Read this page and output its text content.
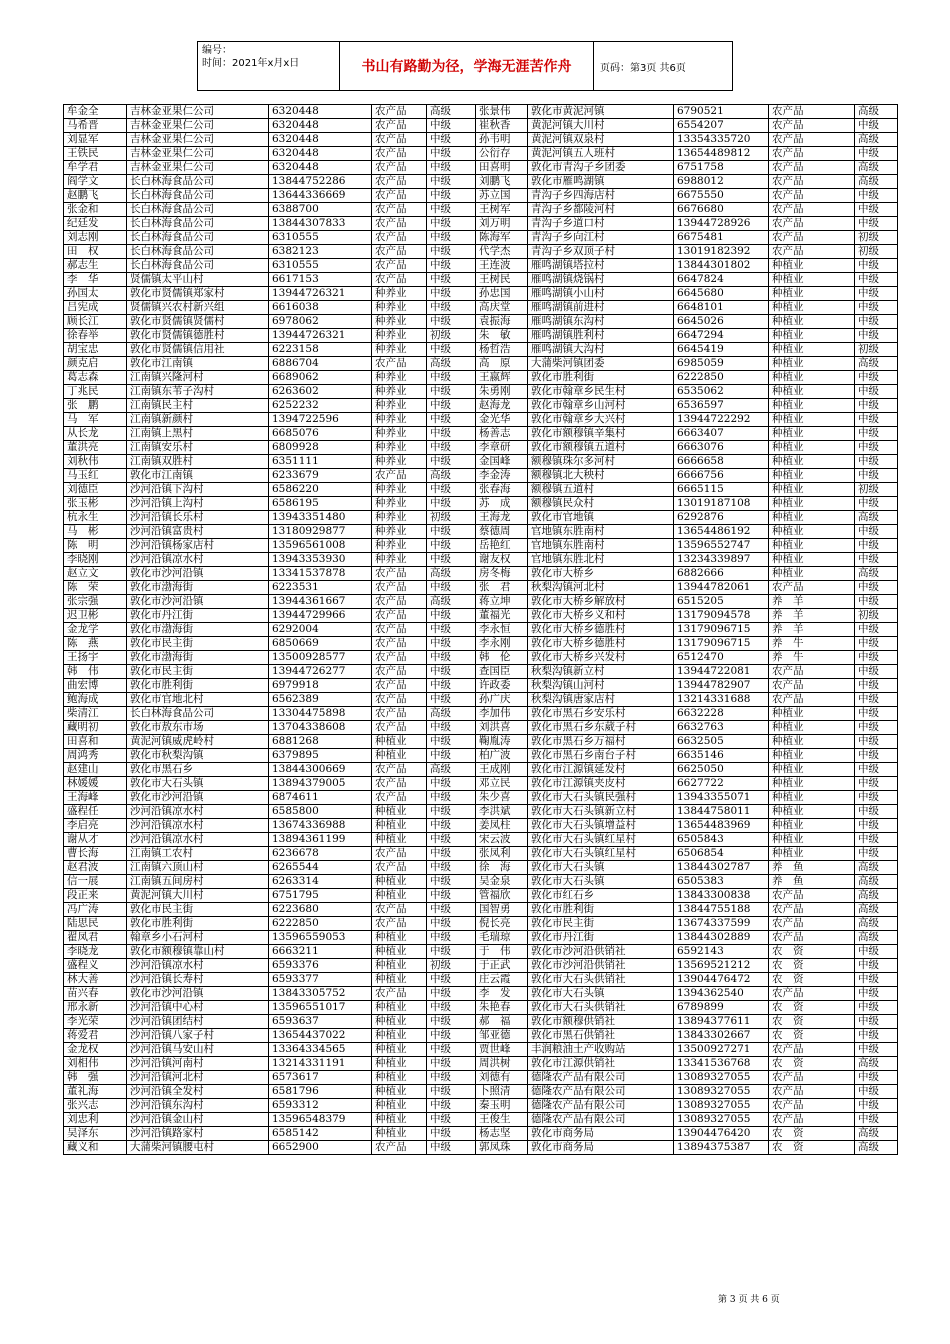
编号：
时间：2021年x月x日	书山有路勤为径，学海无涯苦作舟	页码：第3页 共6页
牟金全	吉林金亚果仁公司	6320448	农产品	高级	张景伟	敦化市黄泥河镇	6790521	农产品	高级
马希晋	吉林金亚果仁公司	6320448	农产品	中级	崔秋香	黄泥河镇大川村	6554207	农产品	中级
刘显军	吉林金亚果仁公司	6320448	农产品	中级	孙韦明	黄泥河镇双泉村	13354335720	农产品	高级
王铁民	吉林金亚果仁公司	6320448	农产品	中级	公衍存	黄泥河镇五人班村	13654489812	农产品	中级
牟学君	吉林金亚果仁公司	6320448	农产品	中级	田喜明	敦化市青沟子乡团委	6751758	农产品	高级
阎学文	长白林海食品公司	13844752286	农产品	中级	刘鹏飞	敦化市雁鸣湖镇	6988012	农产品	高级
赵鹏飞	长白林海食品公司	13644336669	农产品	中级	苏立国	青沟子乡四海店村	6675550	农产品	中级
张金和	长白林海食品公司	6388700	农产品	中级	王树军	青沟子乡都陵河村	6676680	农产品	中级
纪廷发	长白林海食品公司	13844307833	农产品	中级	刘万明	青沟子乡道口村	13944728926	农产品	中级
刘志刚	长白林海食品公司	6310555	农产品	中级	陈海军	青沟子乡向江村	6675481	农产品	初级
田　权	长白林海食品公司	6382123	农产品	中级	代学杰	青沟子乡双顶子村	13019182392	农产品	初级
郝志生	长白林海食品公司	6310555	农产品	中级	王连波	雁鸣湖镇塔拉村	13844301802	种植业	中级
李　华	贤儒镇太平山村	6617153	农产品	中级	王树民	雁鸣湖镇烧锅村	6647824	种植业	中级
孙国太	敦化市贤儒镇郑家村	13944726321	种养业	中级	孙忠国	雁鸣湖镇小山村	6645680	种植业	中级
吕宪成	贤儒镇兴农村新兴组	6616038	种养业	中级	高庆堂	雁鸣湖镇前进村	6648101	种植业	中级
顾长江	敦化市贤儒镇贤儒村	6978062	种养业	中级	袁振海	雁鸣湖镇东沟村	6645026	种植业	中级
徐春举	敦化市贤儒镇德胜村	13944726321	种养业	初级	朱　敏	雁鸣湖镇胜利村	6647294	种植业	中级
胡宝忠	敦化市贤儒镇信用社	6223158	种养业	中级	杨哲浩	雁鸣湖镇大沟村	6645419	种植业	初级
颜克启	敦化市江南镇	6886704	农产品	高级	高　原	大蒲柴河镇团委	6985059	种植业	高级
葛志森	江南镇兴隆河村	6689062	种养业	中级	王嬴辉	敦化市胜利街	6222850	种植业	中级
丁兆民	江南镇东苇子沟村	6263602	种养业	中级	朱勇刚	敦化市翰章乡民生村	6535062	种植业	中级
张　鹏	江南镇民主村	6252232	种养业	中级	赵海龙	敦化市翰章乡山河村	6536597	种植业	中级
马　军	江南镇新颜村	1394722596	种养业	中级	金光华	敦化市翰章乡大兴村	13944722292	种植业	中级
从长龙	江南镇上黑村	6685076	种养业	中级	杨善志	敦化市额穆镇辛集村	6663407	种植业	中级
董洪亮	江南镇安乐村	6809928	种养业	中级	李章研	敦化市额穆镇五道村	6663076	种植业	中级
刘秋伟	江南镇双胜村	6351111	种养业	中级	金国峰	额穆镇珠尔多河村	6666658	种植业	中级
马玉红	敦化市江南镇	6233679	农产品	高级	李金涛	额穆镇北大秧村	6666756	种植业	中级
刘德臣	沙河沿镇下沟村	6586220	种养业	中级	张春海	额穆镇五道村	6665115	种植业	初级
张玉彬	沙河沿镇上沟村	6586195	种养业	中级	苏　成	额穆镇民众村	13019187108	种植业	中级
杭永生	沙河沿镇长乐村	13943351480	种养业	初级	王海龙	敦化市官地镇	6292876	种植业	高级
马　彬	沙河沿镇富贵村	13180929877	种养业	中级	蔡德周	官地镇东胜南村	13654486192	种植业	中级
陈　明	沙河沿镇杨家店村	13596561008	种养业	中级	岳艳红	官地镇东胜南村	13596552747	种植业	中级
李晓刚	沙河沿镇凉水村	13943353930	种养业	中级	谢友权	官地镇东胜北村	13234339897	种植业	中级
赵立文	敦化市沙河沿镇	13341537878	农产品	高级	房冬梅	敦化市大桥乡	6882666	种植业	高级
陈　荣	敦化市渤海街	6223531	农产品	中级	张　君	秋梨沟镇河北村	13944782061	农产品	中级
张宗强	敦化市沙河沿镇	13944361667	农产品	高级	蒋立坤	敦化市大桥乡解放村	6515205	养　羊	中级
迟卫彬	敦化市丹江街	13944729966	农产品	中级	董福光	敦化市大桥乡义和村	13179094578	养　羊	初级
金龙学	敦化市渤海街	6292004	农产品	中级	李永恒	敦化市大桥乡德胜村	13179096715	养　羊	中级
陈　燕	敦化市民主街	6850669	农产品	中级	李永刚	敦化市大桥乡德胜村	13179096715	养　牛	中级
王扬宇	敦化市渤海街	13500928577	农产品	中级	韩　伦	敦化市大桥乡兴发村	6512470	养　牛	中级
韩　伟	敦化市民主街	13944726277	农产品	中级	查国臣	秋梨沟镇新立村	13944722081	农产品	中级
曲宏博	敦化市胜利街	6979918	农产品	中级	许政委	秋梨沟镇山河村	13944782907	农产品	中级
鲍海成	敦化市官地北村	6562389	农产品	中级	孙广庆	秋梨沟镇唐家店村	13214331688	农产品	中级
柴清江	长白林海食品公司	13304475898	农产品	高级	李加伟	敦化市黑石乡安乐村	6632228	种植业	中级
藏明初	敦化市敖东市场	13704338608	农产品	中级	刘洪喜	敦化市黑石乡东葳子村	6632763	种植业	中级
田喜和	黄泥河镇威虎岭村	6881268	种植业	中级	鞠胤涛	敦化市黑石乡万福村	6632505	种植业	中级
周鸿秀	敦化市秋梨沟镇	6379895	种植业	中级	柏广波	敦化市黑石乡南台子村	6635146	种植业	中级
赵建山	敦化市黑石乡	13844300669	农产品	高级	王成刚	敦化市江源镇延发村	6625050	种植业	中级
林媛媛	敦化市大石头镇	13894379005	农产品	中级	邓立民	敦化市江源镇夹皮村	6627722	种植业	中级
王海峰	敦化市沙河沿镇	6874611	农产品	中级	朱少喜	敦化市大石头镇民强村	13943355071	种植业	中级
盛程任	沙河沿镇凉水村	6585800	种植业	中级	李洪斌	敦化市大石头镇新立村	13844758011	种植业	中级
李启亮	沙河沿镇凉水村	13674336988	种植业	中级	姜凤柱	敦化市大石头镇增益村	13654483969	种植业	中级
谢从才	沙河沿镇凉水村	13894361199	种植业	中级	宋云波	敦化市大石头镇红星村	6505843	种植业	中级
曹长海	江南镇工农村	6236678	农产品	中级	张凤利	敦化市大石头镇红星村	6506854	种植业	中级
赵君波	江南镇六顶山村	6265544	农产品	中级	徐　海	敦化市大石头镇	13844302787	养　鱼	高级
信一展	江南镇五间房村	6263314	种植业	中级	吴金泉	敦化市大石头镇	6505383	养　鱼	高级
段正来	黄泥河镇大川村	6751795	种植业	中级	管福欣	敦化市红石乡	13843300838	农产品	高级
冯广涛	敦化市民主街	6223680	农产品	中级	国智勇	敦化市胜利街	13844755188	农产品	高级
陆思民	敦化市胜利街	6222850	农产品	中级	倪长亮	敦化市民主街	13674337599	农产品	高级
翟凤君	翰章乡小石河村	13596559053	种植业	中级	毛瑞琼	敦化市丹江街	13844302889	农产品	高级
李晓龙	敦化市额穆镇靠山村	6663211	种植业	中级	于　伟	敦化市沙河沿供销社	6592143	农　资	中级
盛程义	沙河沿镇凉水村	6593376	种植业	初级	于正武	敦化市沙河沿供销社	13569521212	农　资	中级
林大善	沙河沿镇长寿村	6593377	种植业	中级	庄云霞	敦化市大石头供销社	13904476472	农　资	中级
苗兴春	敦化市沙河沿镇	13843305752	农产品	中级	李　发	敦化市大石头镇	1394362540	农产品	中级
邢永新	沙河沿镇中心村	13596551017	种植业	中级	朱艳春	敦化市大石头供销社	6789899	农　资	中级
李光荣	沙河沿镇团结村	6593637	种植业	中级	郝　福	敦化市额穆供销社	13894377611	农　资	中级
蒋爱君	沙河沿镇八家子村	13654437022	种植业	中级	邹亚德	敦化市黑石供销社	13843302667	农　资	中级
金龙权	沙河沿镇马安山村	13364334565	种植业	中级	贾世峰	丰润粮油土产收购站	13500927271	农产品	中级
刘相伟	沙河沿镇河南村	13214331191	种植业	中级	周洪树	敦化市江源供销社	13341536768	农　资	高级
韩　强	沙河沿镇河北村	6573617	种植业	中级	刘德有	德隆农产品有限公司	13089327055	农产品	中级
董礼海	沙河沿镇全发村	6581796	种植业	中级	卜照清	德隆农产品有限公司	13089327055	农产品	中级
张兴志	沙河沿镇东沟村	6593312	种植业	中级	秦玉明	德隆农产品有限公司	13089327055	农产品	中级
刘忠利	沙河沿镇金山村	13596548379	种植业	中级	王俊生	德隆农产品有限公司	13089327055	农产品	中级
吴泽东	沙河沿镇路家村	6585142	种植业	中级	杨志坚	敦化市商务局	13904476420	农　资	高级
藏义和	大蒲柴河镇腰屯村	6652900	农产品	中级	郭凤珠	敦化市商务局	13894375387	农　资	高级
第 3 页 共 6 页
